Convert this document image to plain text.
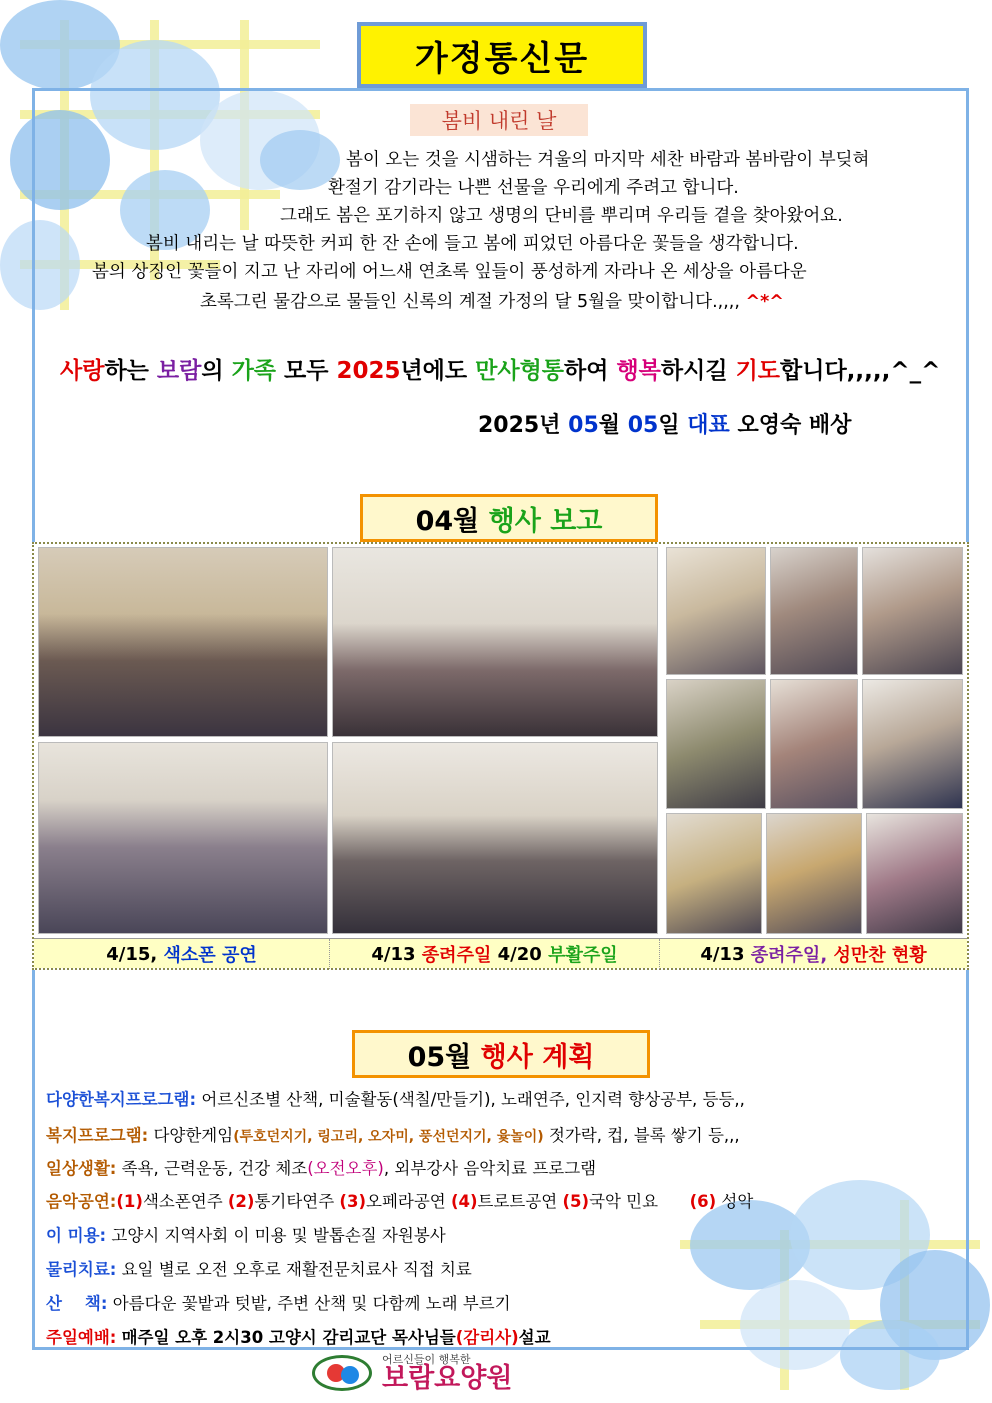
가정통신문
봄비 내린 날
봄이 오는 것을 시샘하는 겨울의 마지막 세찬 바람과 봄바람이 부딪혀
환절기 감기라는 나쁜 선물을 우리에게 주려고 합니다.
그래도 봄은 포기하지 않고 생명의 단비를 뿌리며 우리들 곁을 찾아왔어요.
봄비 내리는 날 따뜻한 커피 한 잔 손에 들고 봄에 피었던 아름다운 꽃들을 생각합니다.
봄의 상징인 꽃들이 지고 난 자리에 어느새 연초록 잎들이 풍성하게 자라나 온 세상을 아름다운
초록그린 물감으로 물들인 신록의 계절 가정의 달 5월을 맞이합니다.,,,, ^*^
사랑하는 보람의 가족 모두 2025년에도 만사형통하여 행복하시길 기도합니다,,,,,^_^
2025년 05월 05일 대표 오영숙 배상
04월
행사 보고
4/15,
색소폰 공연	4/13
종려주일
4/20
부활주일	4/13
종려주일,
성만찬 현황
05월
행사 계획
다양한복지프로그램: 어르신조별 산책, 미술활동(색칠/만들기), 노래연주, 인지력 향상공부, 등등,,
복지프로그램: 다양한게임(투호던지기, 링고리, 오자미, 풍선던지기, 윷놀이) 젓가락, 컵, 블록 쌓기 등,,,
일상생활: 족욕, 근력운동, 건강 체조(오전오후), 외부강사 음악치료 프로그램
음악공연:(1)색소폰연주 (2)통기타연주 (3)오페라공연 (4)트로트공연 (5)국악 민요 (6) 성악
이 미용: 고양시 지역사회 이 미용 및 발톱손질 자원봉사
물리치료: 요일 별로 오전 오후로 재활전문치료사 직접 치료
산    책: 아름다운 꽃밭과 텃밭, 주변 산책 및 다함께 노래 부르기
주일예배: 매주일 오후 2시30 고양시 감리교단 목사님들(감리사)설교
어르신들이 행복한
보람요양원
